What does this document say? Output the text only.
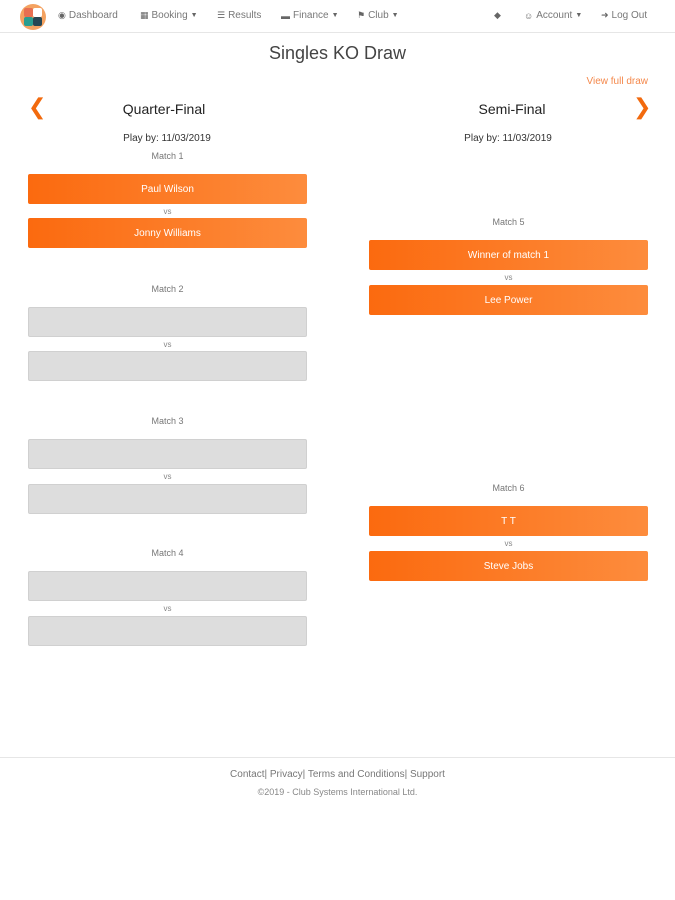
◉ Dashboard ▦ Booking ▼ ☰ Results ▬ Finance ▼ ⚑ Club ▼	◆	☺ Account ▼ ➜ Log Out
Singles KO Draw
View full draw
❮	❯
Quarter-Final	Semi-Final
Play by: 11/03/2019	Play by: 11/03/2019
Match 1
Paul Wilson
vs
Jonny Williams
Match 2
vs
Match 3
vs
Match 4
vs
Match 5
Winner of match 1
vs
Lee Power
Match 6
T T
vs
Steve Jobs
Contact| Privacy| Terms and Conditions| Support
©2019 - Club Systems International Ltd.
